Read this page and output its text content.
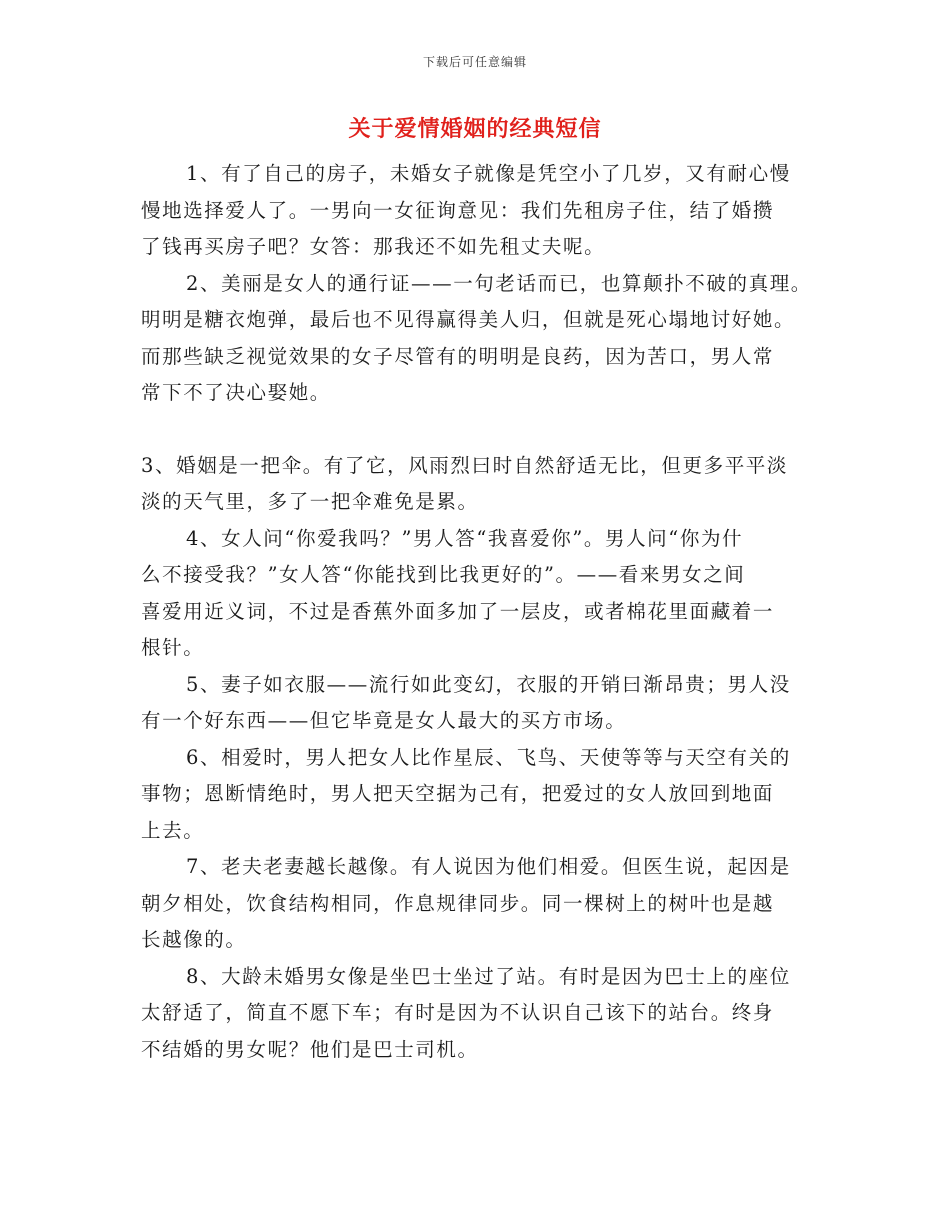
下载后可任意编辑
关于爱情婚姻的经典短信

1、有了自己的房子，未婚女子就像是凭空小了几岁，又有耐心慢
慢地选择爱人了。一男向一女征询意见：我们先租房子住，结了婚攒
了钱再买房子吧？女答：那我还不如先租丈夫呢。

2、美丽是女人的通行证——一句老话而已，也算颠扑不破的真理。
明明是糖衣炮弹，最后也不见得赢得美人归，但就是死心塌地讨好她。
而那些缺乏视觉效果的女子尽管有的明明是良药，因为苦口，男人常
常下不了决心娶她。

3、婚姻是一把伞。有了它，风雨烈曰时自然舒适无比，但更多平平淡
淡的天气里，多了一把伞难免是累。

4、女人问“你爱我吗？”男人答“我喜爱你”。男人问“你为什
么不接受我？”女人答“你能找到比我更好的”。——看来男女之间
喜爱用近义词，不过是香蕉外面多加了一层皮，或者棉花里面藏着一
根针。

5、妻子如衣服——流行如此变幻，衣服的开销曰渐昂贵；男人没
有一个好东西——但它毕竟是女人最大的买方市场。

6、相爱时，男人把女人比作星辰、飞鸟、天使等等与天空有关的
事物；恩断情绝时，男人把天空据为己有，把爱过的女人放回到地面
上去。

7、老夫老妻越长越像。有人说因为他们相爱。但医生说，起因是
朝夕相处，饮食结构相同，作息规律同步。同一棵树上的树叶也是越
长越像的。

8、大龄未婚男女像是坐巴士坐过了站。有时是因为巴士上的座位
太舒适了，简直不愿下车；有时是因为不认识自己该下的站台。终身
不结婚的男女呢？他们是巴士司机。
